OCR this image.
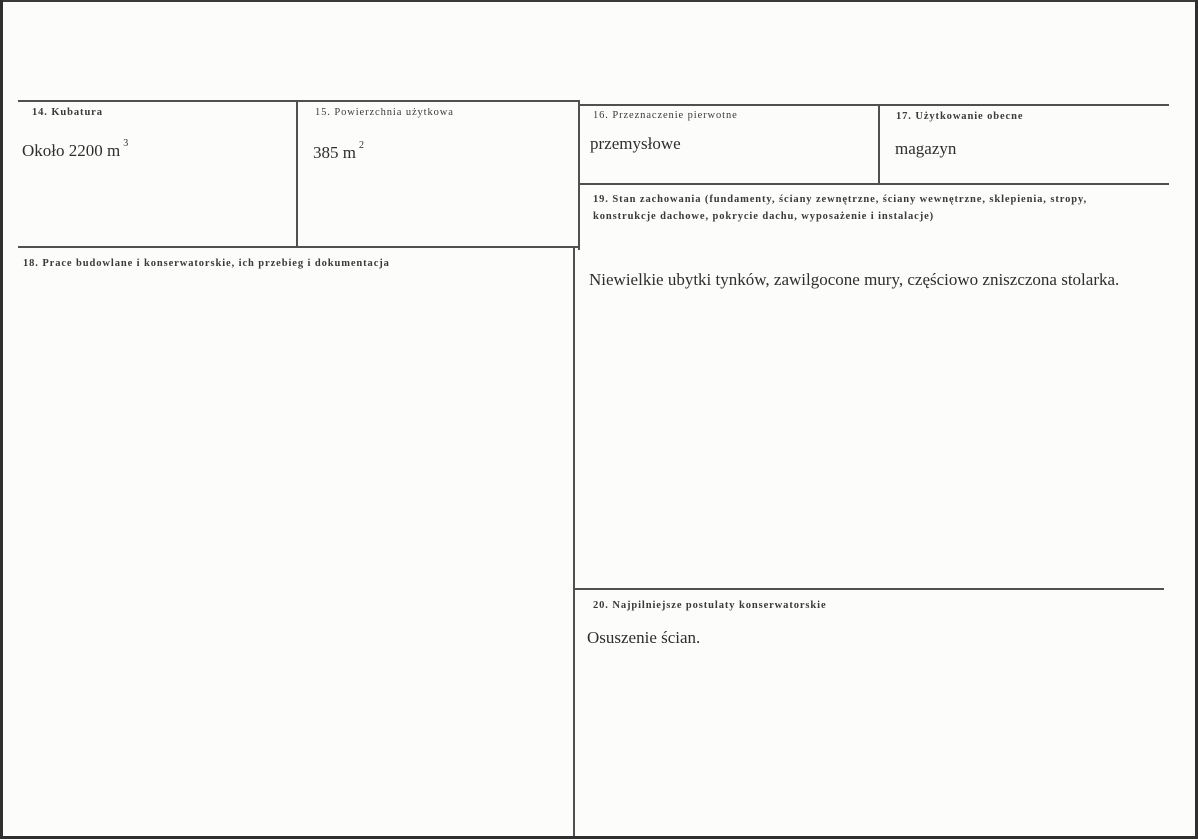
14. Kubatura
Około 2200 m $^3$
15. Powierzchnia użytkowa
385 m $^2$
16. Przeznaczenie pierwotne
przemysłowe
17. Użytkowanie obecne
magazyn
18. Prace budowlane i konserwatorskie, ich przebieg i dokumentacja
19. Stan zachowania (fundamenty, ściany zewnętrzne, ściany wewnętrzne, sklepienia, stropy, konstrukcje dachowe, pokrycie dachu, wyposażenie i instalacje)
Niewielkie ubytki tynków, zawilgocone mury, częściowo zniszczona stolarka.
20. Najpilniejsze postulaty konserwatorskie
Osuszenie ścian.
